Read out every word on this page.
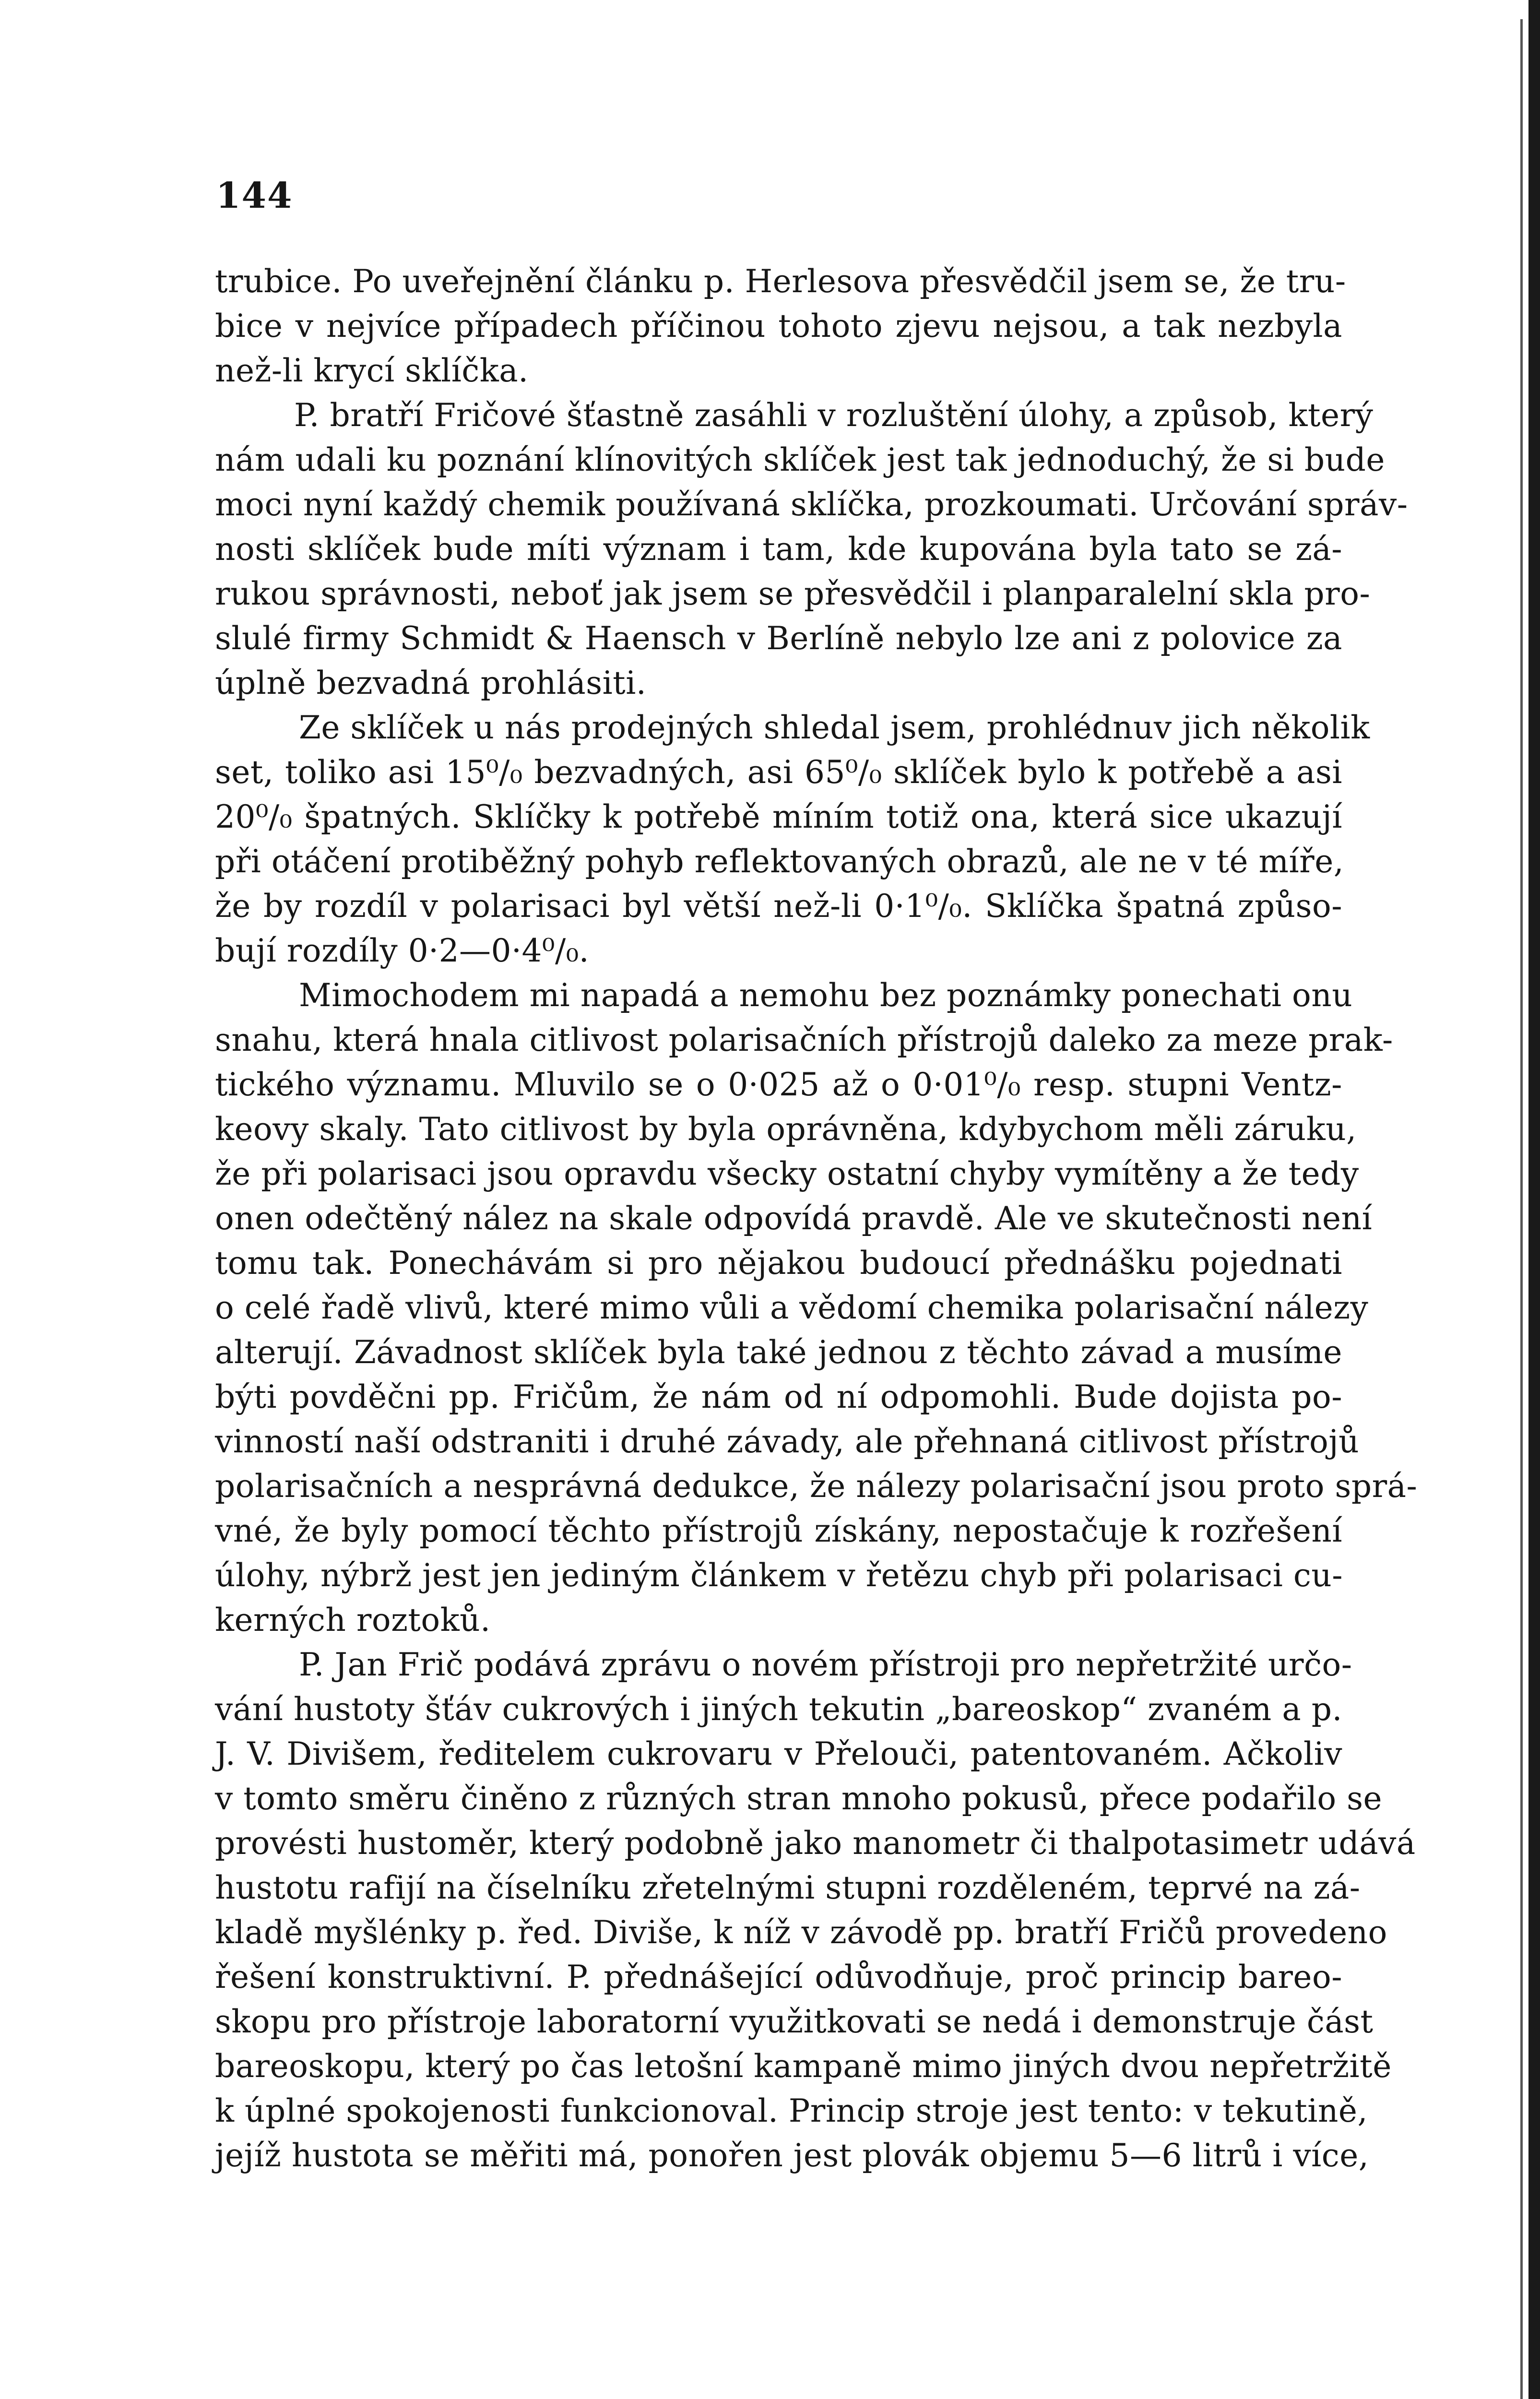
144
trubice. Po uveřejnění článku p. Herlesova přesvědčil jsem se, že tru-
bice v nejvíce případech příčinou tohoto zjevu nejsou, a tak nezbyla
než-li krycí sklíčka.
P. bratří Fričové šťastně zasáhli v rozluštění úlohy, a způsob, který
nám udali ku poznání klínovitých sklíček jest tak jednoduchý, že si bude
moci nyní každý chemik používaná sklíčka, prozkoumati. Určování správ-
nosti sklíček bude míti význam i tam, kde kupována byla tato se zá-
rukou správnosti, neboť jak jsem se přesvědčil i planparalelní skla pro-
slulé firmy Schmidt & Haensch v Berlíně nebylo lze ani z polovice za
úplně bezvadná prohlásiti.
Ze sklíček u nás prodejných shledal jsem, prohlédnuv jich několik
set, toliko asi 15⁰/₀ bezvadných, asi 65⁰/₀ sklíček bylo k potřebě a asi
20⁰/₀ špatných. Sklíčky k potřebě míním totiž ona, která sice ukazují
při otáčení protiběžný pohyb reflektovaných obrazů, ale ne v té míře,
že by rozdíl v polarisaci byl větší než-li 0·1⁰/₀. Sklíčka špatná způso-
bují rozdíly 0·2—0·4⁰/₀.
Mimochodem mi napadá a nemohu bez poznámky ponechati onu
snahu, která hnala citlivost polarisačních přístrojů daleko za meze prak-
tického významu. Mluvilo se o 0·025 až o 0·01⁰/₀ resp. stupni Ventz-
keovy skaly. Tato citlivost by byla oprávněna, kdybychom měli záruku,
že při polarisaci jsou opravdu všecky ostatní chyby vymítěny a že tedy
onen odečtěný nález na skale odpovídá pravdě. Ale ve skutečnosti není
tomu tak. Ponechávám si pro nějakou budoucí přednášku pojednati
o celé řadě vlivů, které mimo vůli a vědomí chemika polarisační nálezy
alterují. Závadnost sklíček byla také jednou z těchto závad a musíme
býti povděčni pp. Fričům, že nám od ní odpomohli. Bude dojista po-
vinností naší odstraniti i druhé závady, ale přehnaná citlivost přístrojů
polarisačních a nesprávná dedukce, že nálezy polarisační jsou proto sprá-
vné, že byly pomocí těchto přístrojů získány, nepostačuje k rozřešení
úlohy, nýbrž jest jen jediným článkem v řetězu chyb při polarisaci cu-
kerných roztoků.
P. Jan Frič podává zprávu o novém přístroji pro nepřetržité určo-
vání hustoty šťáv cukrových i jiných tekutin „bareoskop“ zvaném a p.
J. V. Divišem, ředitelem cukrovaru v Přelouči, patentovaném. Ačkoliv
v tomto směru činěno z různých stran mnoho pokusů, přece podařilo se
provésti hustoměr, který podobně jako manometr či thalpotasimetr udává
hustotu rafijí na číselníku zřetelnými stupni rozděleném, teprvé na zá-
kladě myšlénky p. řed. Diviše, k níž v závodě pp. bratří Fričů provedeno
řešení konstruktivní. P. přednášející odůvodňuje, proč princip bareo-
skopu pro přístroje laboratorní využitkovati se nedá i demonstruje část
bareoskopu, který po čas letošní kampaně mimo jiných dvou nepřetržitě
k úplné spokojenosti funkcionoval. Princip stroje jest tento: v tekutině,
jejíž hustota se měřiti má, ponořen jest plovák objemu 5—6 litrů i více,
